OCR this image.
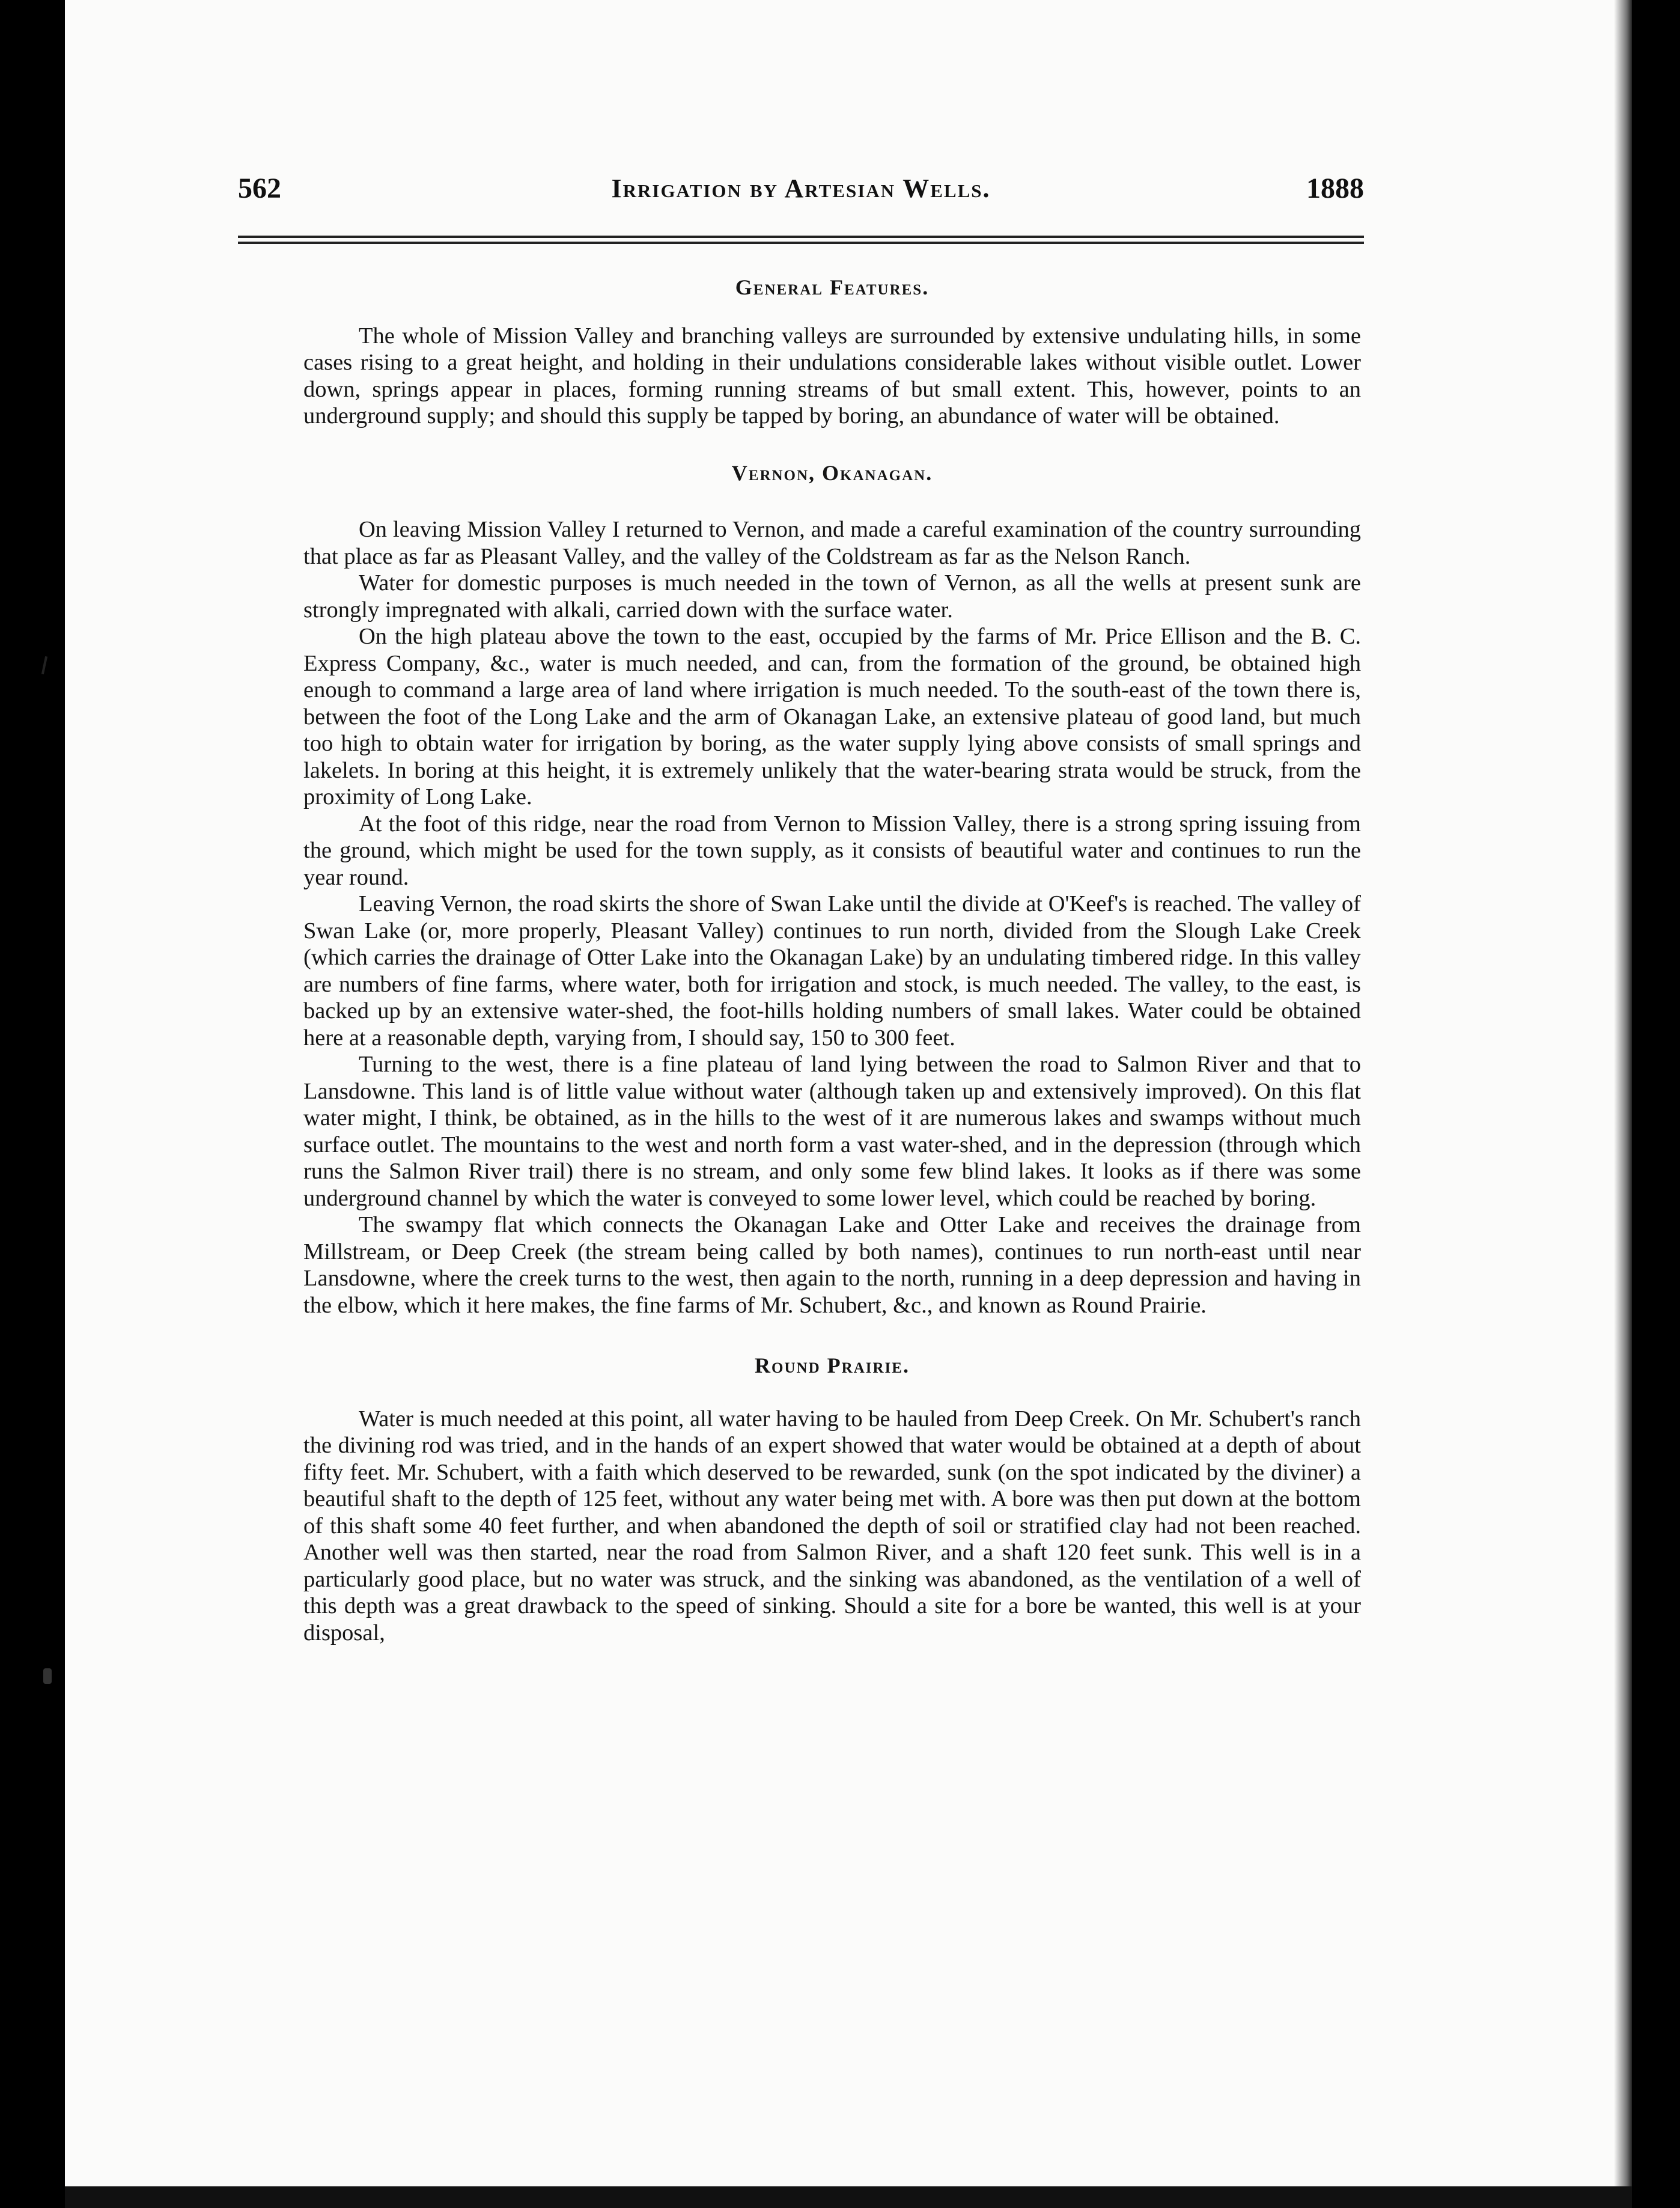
562	Irrigation by Artesian Wells.	1888
General Features.

The whole of Mission Valley and branching valleys are surrounded by extensive undulating hills, in some cases rising to a great height, and holding in their undulations considerable lakes without visible outlet. Lower down, springs appear in places, forming running streams of but small extent. This, however, points to an underground supply; and should this supply be tapped by boring, an abundance of water will be obtained.

Vernon, Okanagan.

On leaving Mission Valley I returned to Vernon, and made a careful examination of the country surrounding that place as far as Pleasant Valley, and the valley of the Coldstream as far as the Nelson Ranch.

Water for domestic purposes is much needed in the town of Vernon, as all the wells at present sunk are strongly impregnated with alkali, carried down with the surface water.

On the high plateau above the town to the east, occupied by the farms of Mr. Price Ellison and the B. C. Express Company, &c., water is much needed, and can, from the formation of the ground, be obtained high enough to command a large area of land where irrigation is much needed. To the south-east of the town there is, between the foot of the Long Lake and the arm of Okanagan Lake, an extensive plateau of good land, but much too high to obtain water for irrigation by boring, as the water supply lying above consists of small springs and lakelets. In boring at this height, it is extremely unlikely that the water-bearing strata would be struck, from the proximity of Long Lake.

At the foot of this ridge, near the road from Vernon to Mission Valley, there is a strong spring issuing from the ground, which might be used for the town supply, as it consists of beautiful water and continues to run the year round.

Leaving Vernon, the road skirts the shore of Swan Lake until the divide at O'Keef's is reached. The valley of Swan Lake (or, more properly, Pleasant Valley) continues to run north, divided from the Slough Lake Creek (which carries the drainage of Otter Lake into the Okanagan Lake) by an undulating timbered ridge. In this valley are numbers of fine farms, where water, both for irrigation and stock, is much needed. The valley, to the east, is backed up by an extensive water-shed, the foot-hills holding numbers of small lakes. Water could be obtained here at a reasonable depth, varying from, I should say, 150 to 300 feet.

Turning to the west, there is a fine plateau of land lying between the road to Salmon River and that to Lansdowne. This land is of little value without water (although taken up and extensively improved). On this flat water might, I think, be obtained, as in the hills to the west of it are numerous lakes and swamps without much surface outlet. The mountains to the west and north form a vast water-shed, and in the depression (through which runs the Salmon River trail) there is no stream, and only some few blind lakes. It looks as if there was some underground channel by which the water is conveyed to some lower level, which could be reached by boring.

The swampy flat which connects the Okanagan Lake and Otter Lake and receives the drainage from Millstream, or Deep Creek (the stream being called by both names), continues to run north-east until near Lansdowne, where the creek turns to the west, then again to the north, running in a deep depression and having in the elbow, which it here makes, the fine farms of Mr. Schubert, &c., and known as Round Prairie.

Round Prairie.

Water is much needed at this point, all water having to be hauled from Deep Creek. On Mr. Schubert's ranch the divining rod was tried, and in the hands of an expert showed that water would be obtained at a depth of about fifty feet. Mr. Schubert, with a faith which deserved to be rewarded, sunk (on the spot indicated by the diviner) a beautiful shaft to the depth of 125 feet, without any water being met with. A bore was then put down at the bottom of this shaft some 40 feet further, and when abandoned the depth of soil or stratified clay had not been reached. Another well was then started, near the road from Salmon River, and a shaft 120 feet sunk. This well is in a particularly good place, but no water was struck, and the sinking was abandoned, as the ventilation of a well of this depth was a great drawback to the speed of sinking. Should a site for a bore be wanted, this well is at your disposal,
